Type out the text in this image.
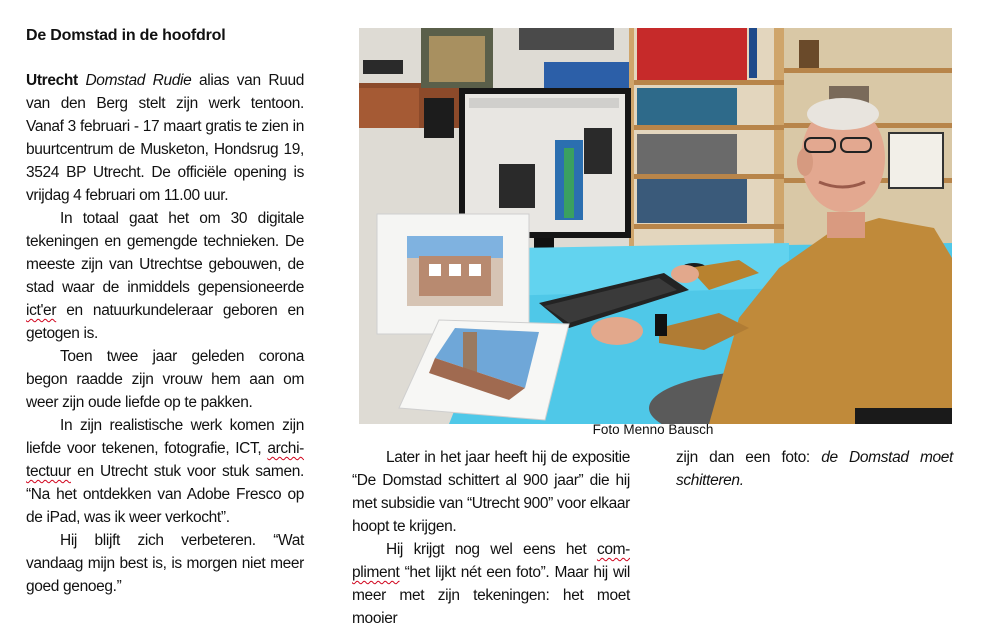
De Domstad in de hoofdrol

Utrecht Domstad Rudie alias van Ruud van den Berg stelt zijn werk tentoon. Vanaf 3 februari - 17 maart gratis te zien in buurtcentrum de Musketon, Hondsrug 19, 3524 BP Utrecht. De officiële opening is vrijdag 4 februari om 11.00 uur.

In totaal gaat het om 30 digitale tekeningen en gemengde technieken. De meeste zijn van Utrechtse gebouwen, de stad waar de inmiddels gepensioneerde ict'er en natuurkundeleraar geboren en getogen is.

Toen twee jaar geleden corona begon raadde zijn vrouw hem aan om weer zijn oude liefde op te pakken.

In zijn realistische werk komen zijn liefde voor tekenen, fotografie, ICT, archi-tectuur en Utrecht stuk voor stuk samen. “Na het ontdekken van Adobe Fresco op de iPad, was ik weer verkocht”.

Hij blijft zich verbeteren. “Wat vandaag mijn best is, is morgen niet meer goed genoeg.”

Foto Menno Bausch

Later in het jaar heeft hij de expositie “De Domstad schittert al 900 jaar” die hij met subsidie van “Utrecht 900” voor elkaar hoopt te krijgen.

Hij krijgt nog wel eens het com-pliment “het lijkt nét een foto”. Maar hij wil meer met zijn tekeningen: het moet mooier

zijn dan een foto: de Domstad moet schitteren.
